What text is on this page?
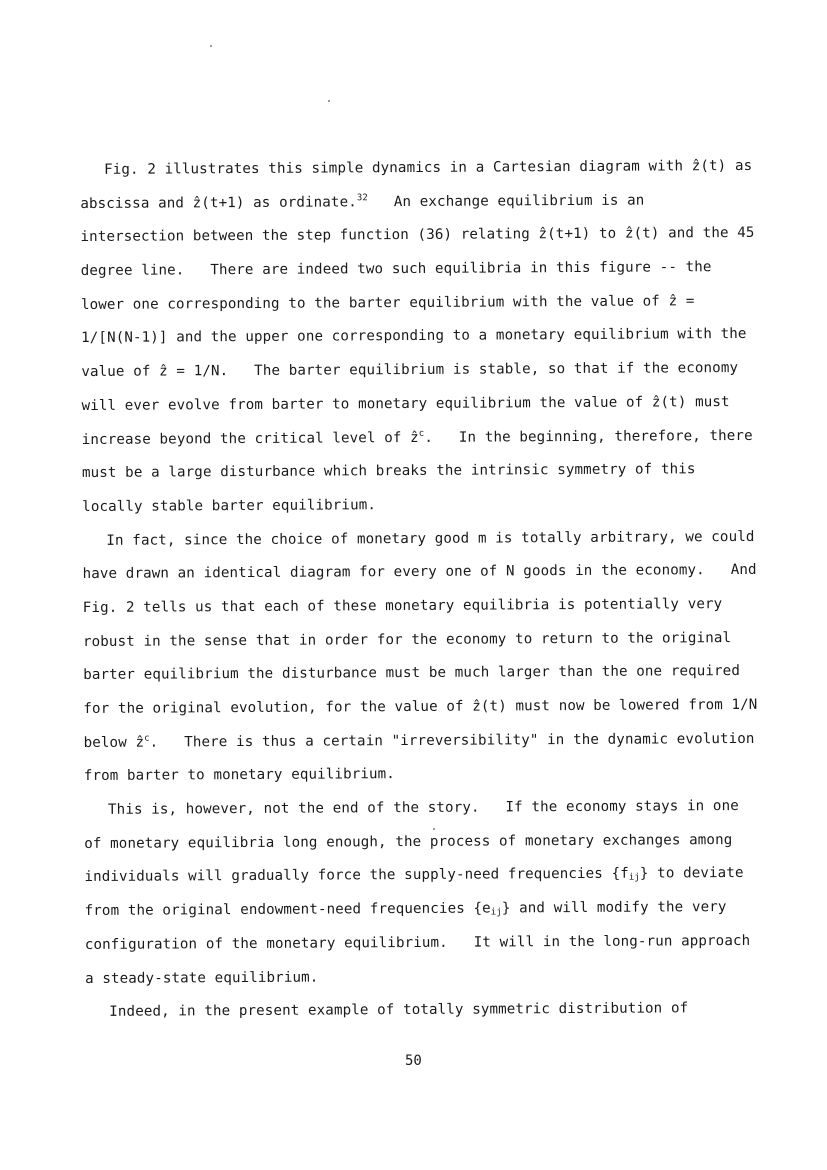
Fig. 2 illustrates this simple dynamics in a Cartesian diagram with ẑ(t) as
abscissa and ẑ(t+1) as ordinate.$^{32}$ An exchange equilibrium is an
intersection between the step function (36) relating ẑ(t+1) to ẑ(t) and the 45
degree line.   There are indeed two such equilibria in this figure -- the
lower one corresponding to the barter equilibrium with the value of ẑ =
1/[N(N-1)] and the upper one corresponding to a monetary equilibrium with the
value of ẑ = 1/N.   The barter equilibrium is stable, so that if the economy
will ever evolve from barter to monetary equilibrium the value of ẑ(t) must
increase beyond the critical level of ẑ$^c$.   In the beginning, therefore, there
must be a large disturbance which breaks the intrinsic symmetry of this
locally stable barter equilibrium.
In fact, since the choice of monetary good m is totally arbitrary, we could
have drawn an identical diagram for every one of N goods in the economy.   And
Fig. 2 tells us that each of these monetary equilibria is potentially very
robust in the sense that in order for the economy to return to the original
barter equilibrium the disturbance must be much larger than the one required
for the original evolution, for the value of ẑ(t) must now be lowered from 1/N
below ẑ$^c$.   There is thus a certain "irreversibility" in the dynamic evolution
from barter to monetary equilibrium.
This is, however, not the end of the story.   If the economy stays in one
of monetary equilibria long enough, the process of monetary exchanges among
individuals will gradually force the supply-need frequencies $\{f_{ij}\}$ to deviate
from the original endowment-need frequencies $\{e_{ij}\}$ and will modify the very
configuration of the monetary equilibrium.   It will in the long-run approach
a steady-state equilibrium.
Indeed, in the present example of totally symmetric distribution of
50
